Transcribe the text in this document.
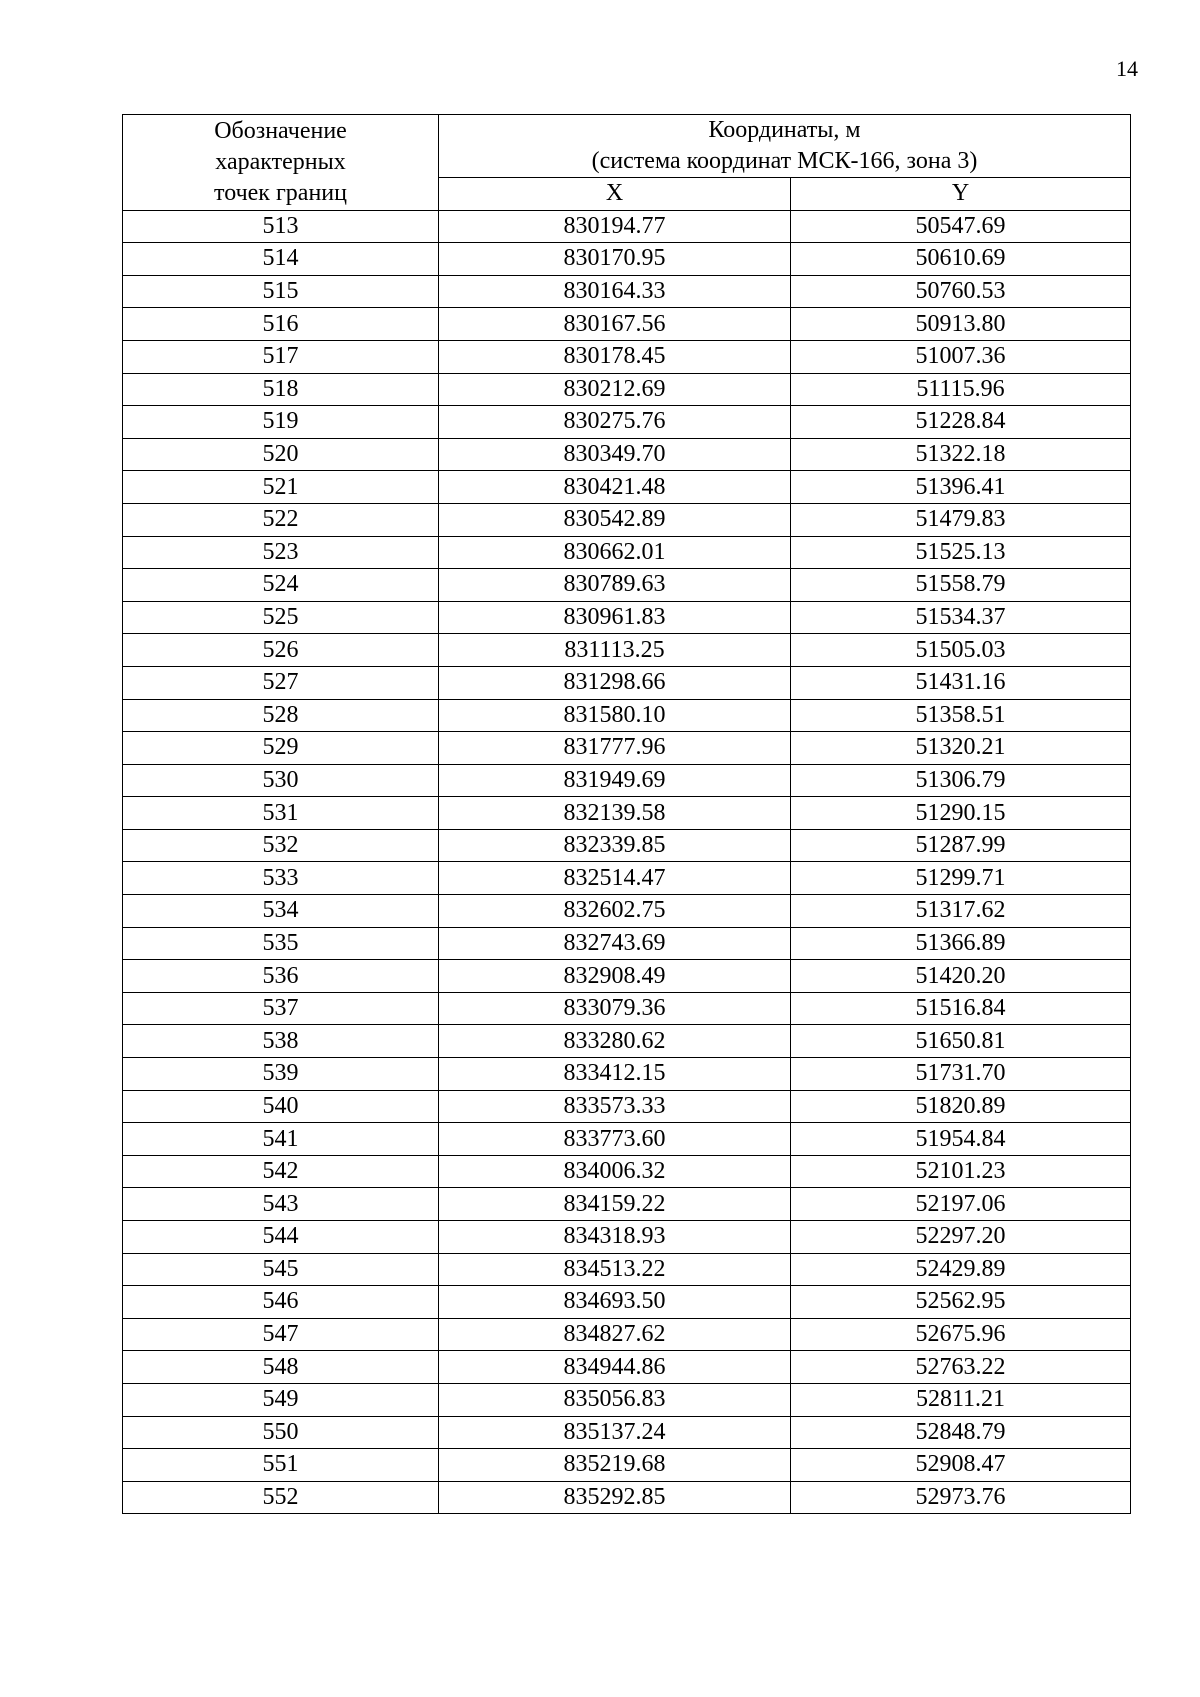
14
Обозначение
характерных
точек границ	Координаты, м
(система координат МСК-166, зона 3)	

	X	Y
513	830194.77	50547.69
514	830170.95	50610.69
515	830164.33	50760.53
516	830167.56	50913.80
517	830178.45	51007.36
518	830212.69	51115.96
519	830275.76	51228.84
520	830349.70	51322.18
521	830421.48	51396.41
522	830542.89	51479.83
523	830662.01	51525.13
524	830789.63	51558.79
525	830961.83	51534.37
526	831113.25	51505.03
527	831298.66	51431.16
528	831580.10	51358.51
529	831777.96	51320.21
530	831949.69	51306.79
531	832139.58	51290.15
532	832339.85	51287.99
533	832514.47	51299.71
534	832602.75	51317.62
535	832743.69	51366.89
536	832908.49	51420.20
537	833079.36	51516.84
538	833280.62	51650.81
539	833412.15	51731.70
540	833573.33	51820.89
541	833773.60	51954.84
542	834006.32	52101.23
543	834159.22	52197.06
544	834318.93	52297.20
545	834513.22	52429.89
546	834693.50	52562.95
547	834827.62	52675.96
548	834944.86	52763.22
549	835056.83	52811.21
550	835137.24	52848.79
551	835219.68	52908.47
552	835292.85	52973.76
